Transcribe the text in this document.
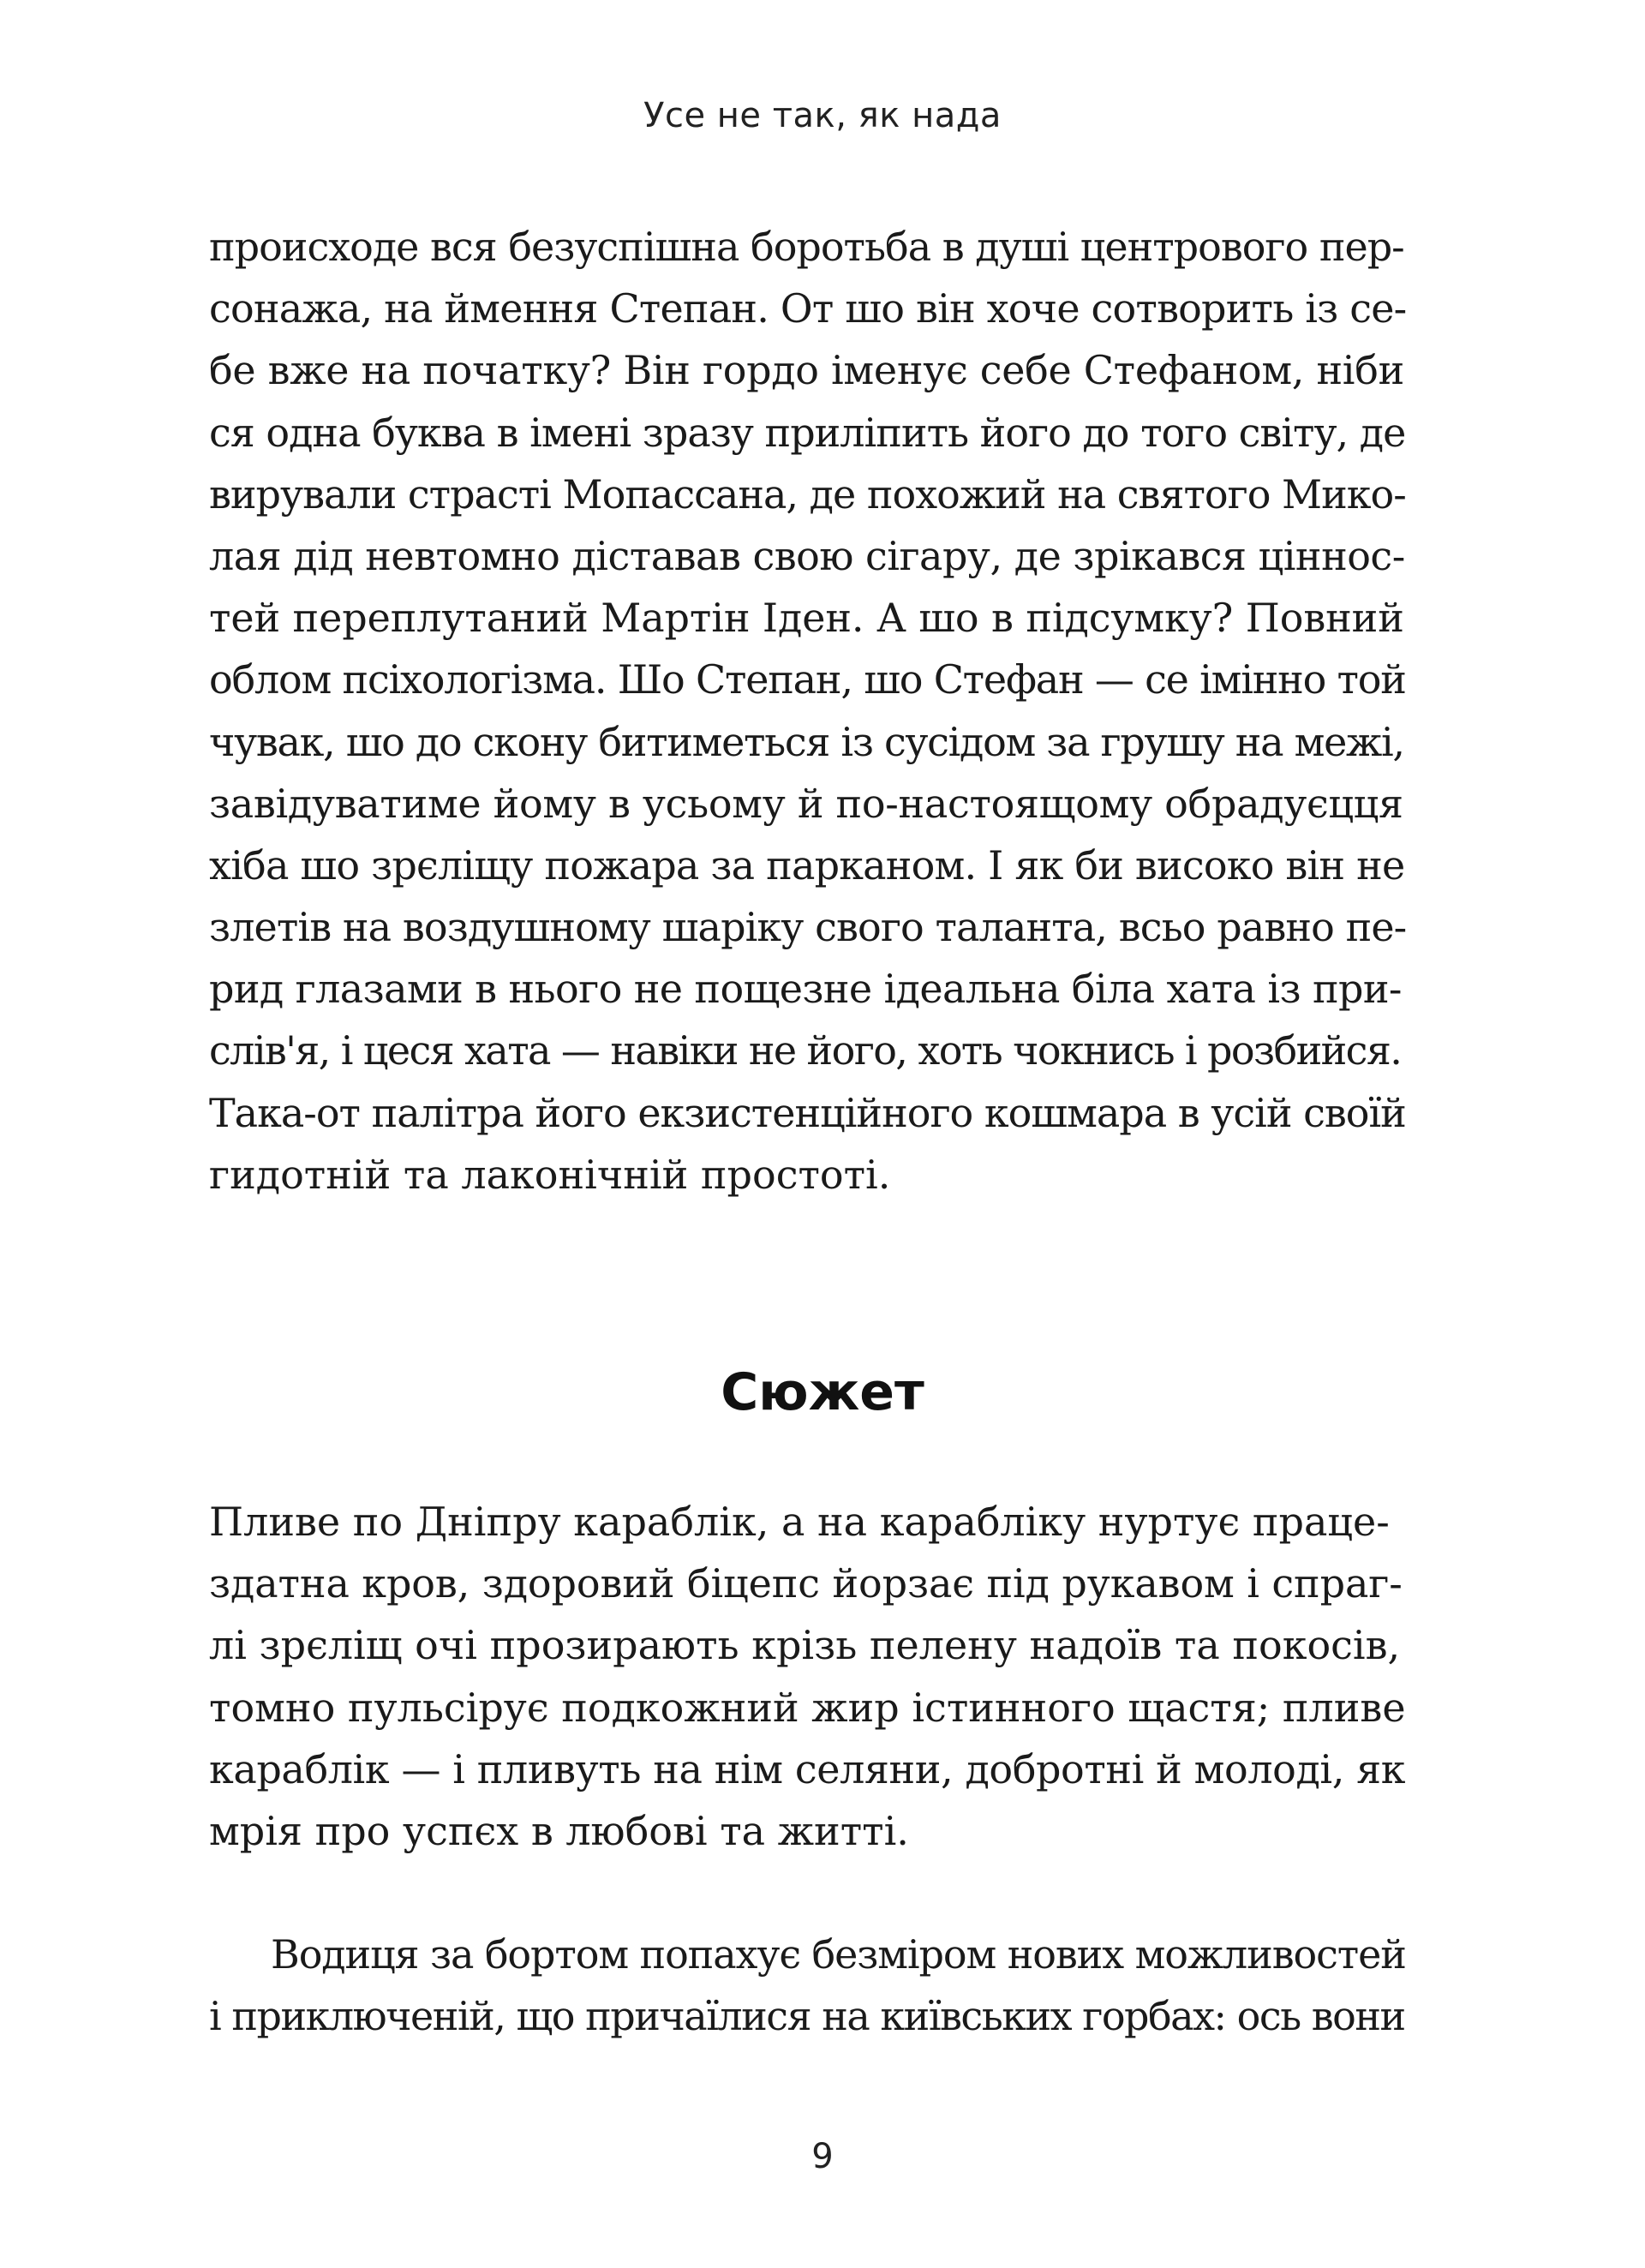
Усе не так, як нада
происходе вся безуспішна боротьба в душі центрового пер-
сонажа, на ймення Степан. От шо він хоче сотворить із се-
бе вже на початку? Він гордо іменує себе Стефаном, ніби
ся одна буква в імені зразу приліпить його до того світу, де
вирували страсті Мопассана, де похожий на святого Мико-
лая дід невтомно діставав свою сігару, де зрікався ціннос-
тей переплутаний Мартін Іден. А шо в підсумку? Повний
облом псіхологізма. Шо Степан, шо Стефан — се імінно той
чувак, шо до скону битиметься із сусідом за грушу на межі,
завідуватиме йому в усьому й по-настоящому обрадуєцця
хіба шо зрєліщу пожара за парканом. І як би високо він не
злетів на воздушному шаріку свого таланта, всьо равно пе-
рид глазами в нього не пощезне ідеальна біла хата із при-
слів'я, і цеся хата — навіки не його, хоть чокнись і розбийся.
Така-от палітра його екзистенційного кошмара в усій своїй
гидотній та лаконічній простоті.
Сюжет
Пливе по Дніпру караблік, а на караблiку нуртує праце-
здатна кров, здоровий біцепс йорзає під рукавом і спраг-
лі зрєліщ очі прозирають крізь пелену надоїв та покосів,
томно пульсірує подкожний жир істинного щастя; пливе
караблік — і пливуть на нім селяни, добротні й молоді, як
мрія про успєх в любові та життi.
Водиця за бортом попахує безміром нових можливостей
і приключеній, що причаїлися на київських горбах: ось вони
9
